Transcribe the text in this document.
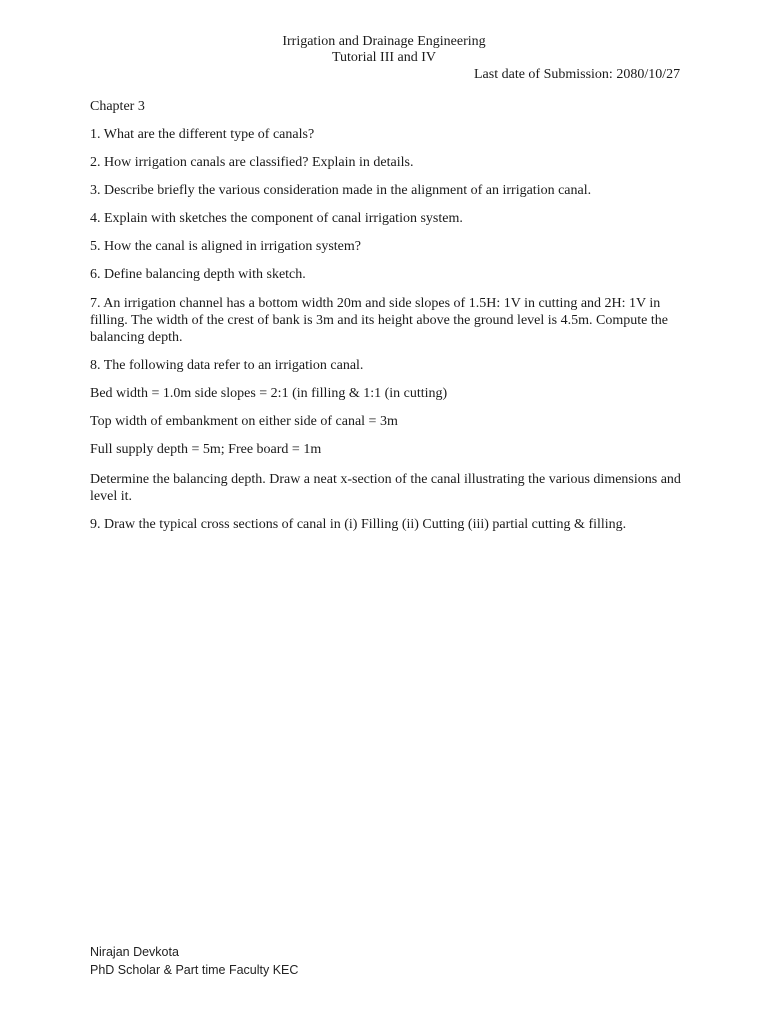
Irrigation and Drainage Engineering
Tutorial III and IV
Last date of Submission: 2080/10/27
Chapter 3
1. What are the different type of canals?
2. How irrigation canals are classified? Explain in details.
3. Describe briefly the various consideration made in the alignment of an irrigation canal.
4. Explain with sketches the component of canal irrigation system.
5. How the canal is aligned in irrigation system?
6. Define balancing depth with sketch.
7. An irrigation channel has a bottom width 20m and side slopes of 1.5H: 1V in cutting and 2H: 1V in filling. The width of the crest of bank is 3m and its height above the ground level is 4.5m. Compute the balancing depth.
8. The following data refer to an irrigation canal.
Bed width = 1.0m side slopes = 2:1 (in filling & 1:1 (in cutting)
Top width of embankment on either side of canal = 3m
Full supply depth = 5m; Free board = 1m
Determine the balancing depth. Draw a neat x-section of the canal illustrating the various dimensions and level it.
9. Draw the typical cross sections of canal in (i) Filling (ii) Cutting (iii) partial cutting & filling.
Nirajan Devkota
PhD Scholar & Part time Faculty KEC
